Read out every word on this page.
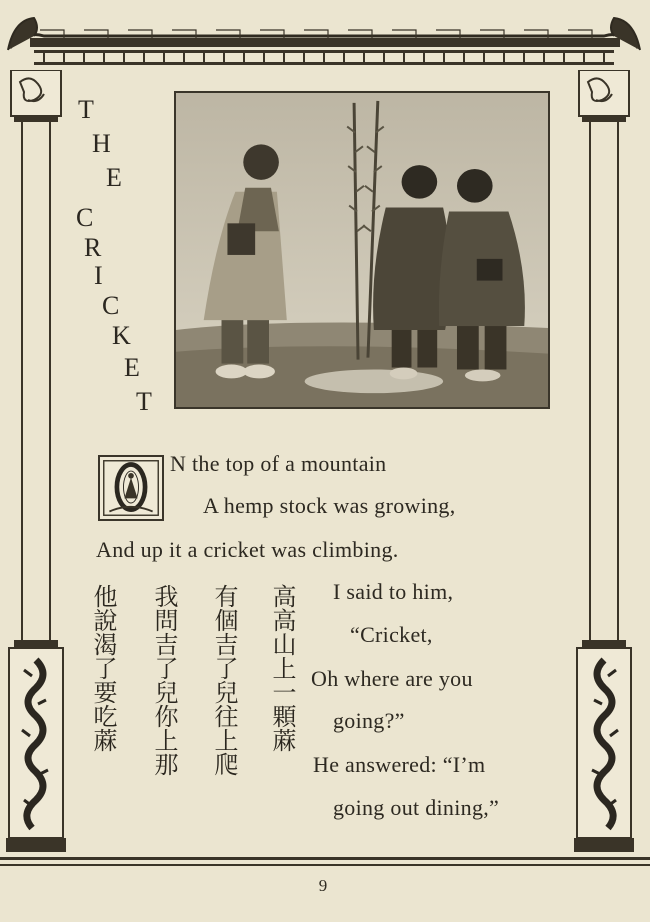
T
H
E
C
R
I
C
K
E
T
N the top of a mountain
A hemp stock was growing,
And up it a cricket was climbing.
I said to him,
“Cricket,
Oh where are you
going?”
He answered: “I’m
going out dining,”
高高山上一顆蔴
有個吉了兒往上爬
我問吉了兒你上那
他說渴了要吃蔴
9
